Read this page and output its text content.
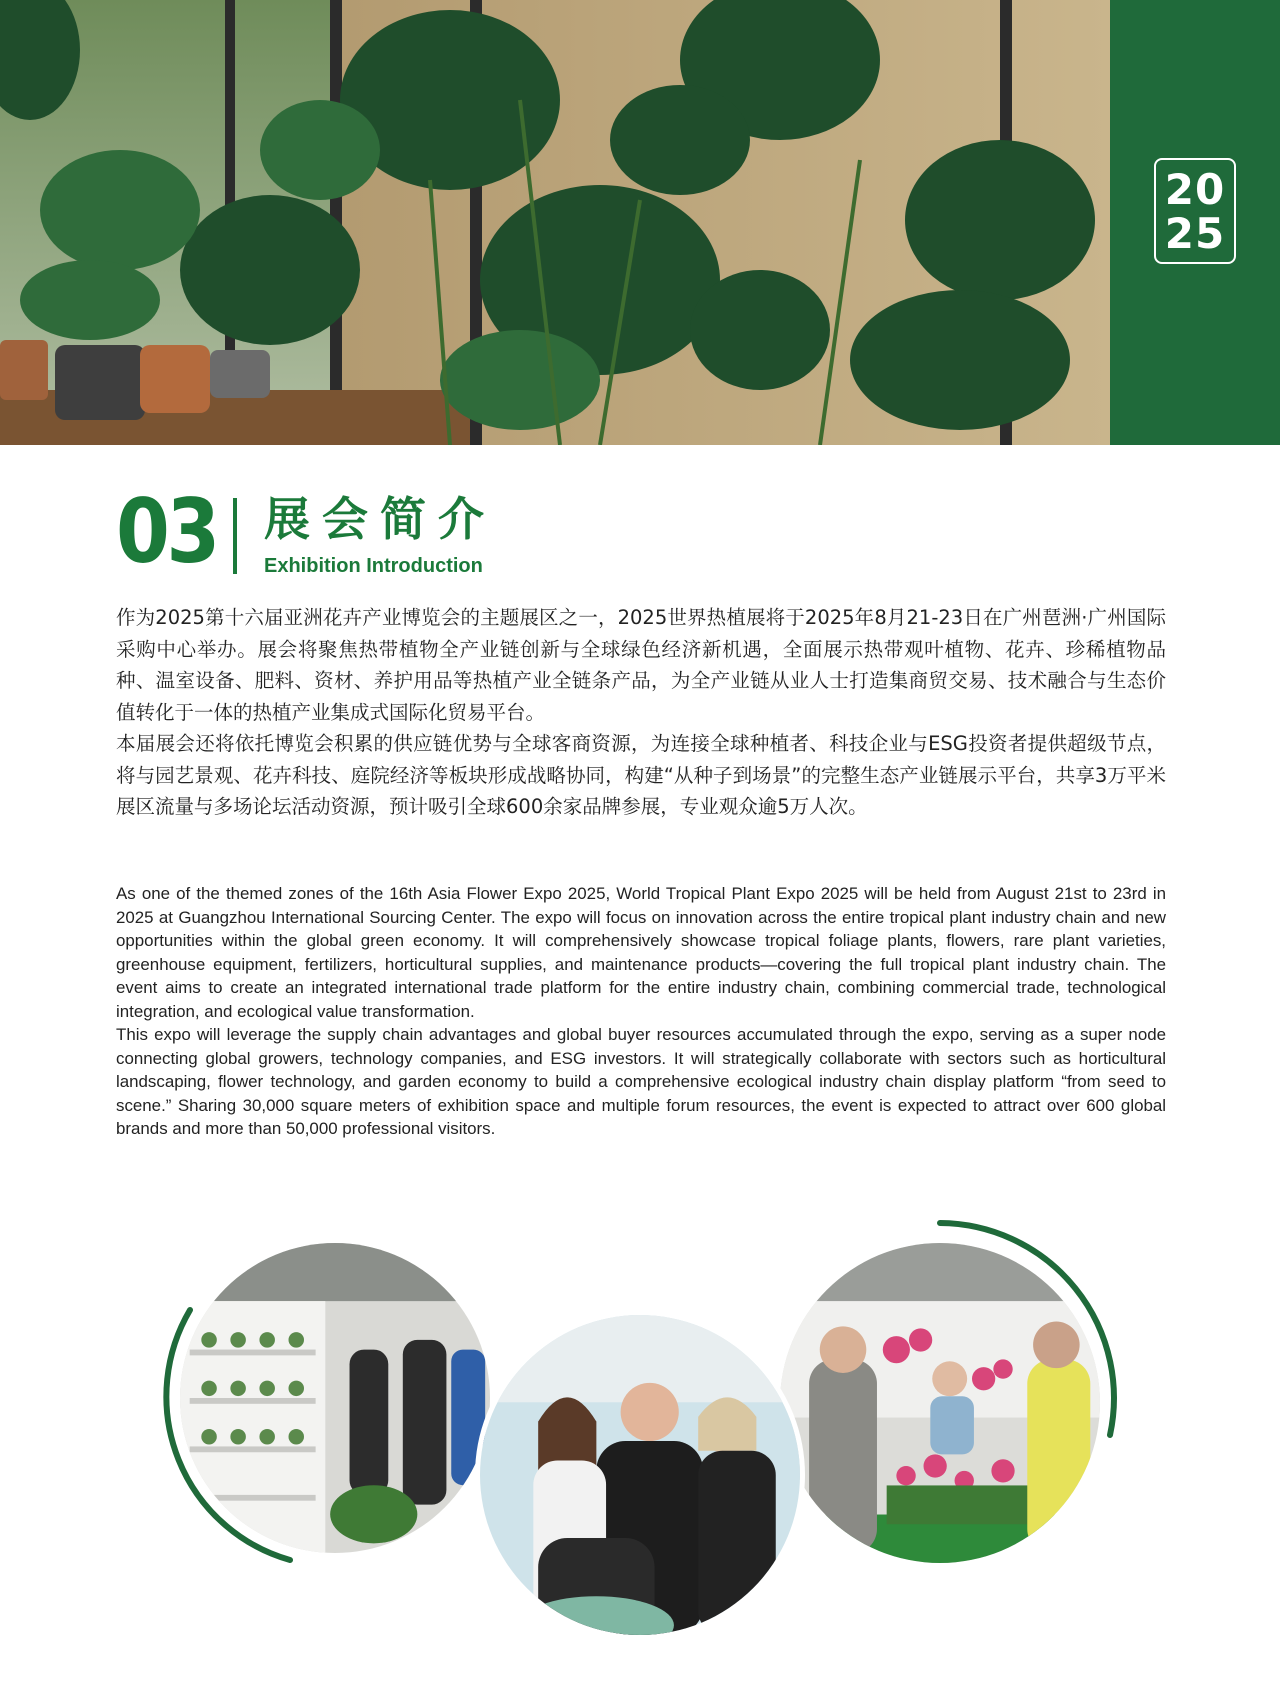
20
25
03 展会简介
Exhibition Introduction

作为2025第十六届亚洲花卉产业博览会的主题展区之一，2025世界热植展将于2025年8月21-23日在广州琶洲·广州国际采购中心举办。展会将聚焦热带植物全产业链创新与全球绿色经济新机遇，全面展示热带观叶植物、花卉、珍稀植物品种、温室设备、肥料、资材、养护用品等热植产业全链条产品，为全产业链从业人士打造集商贸交易、技术融合与生态价值转化于一体的热植产业集成式国际化贸易平台。

本届展会还将依托博览会积累的供应链优势与全球客商资源，为连接全球种植者、科技企业与ESG投资者提供超级节点，将与园艺景观、花卉科技、庭院经济等板块形成战略协同，构建“从种子到场景”的完整生态产业链展示平台，共享3万平米展区流量与多场论坛活动资源，预计吸引全球600余家品牌参展，专业观众逾5万人次。

As one of the themed zones of the 16th Asia Flower Expo 2025, World Tropical Plant Expo 2025 will be held from August 21st to 23rd in 2025 at Guangzhou International Sourcing Center. The expo will focus on innovation across the entire tropical plant industry chain and new opportunities within the global green economy. It will comprehensively showcase tropical foliage plants, flowers, rare plant varieties, greenhouse equipment, fertilizers, horticultural supplies, and maintenance products—covering the full tropical plant industry chain. The event aims to create an integrated international trade platform for the entire industry chain, combining commercial trade, technological integration, and ecological value transformation.

This expo will leverage the supply chain advantages and global buyer resources accumulated through the expo, serving as a super node connecting global growers, technology companies, and ESG investors. It will strategically collaborate with sectors such as horticultural landscaping, flower technology, and garden economy to build a comprehensive ecological industry chain display platform “from seed to scene.” Sharing 30,000 square meters of exhibition space and multiple forum resources, the event is expected to attract over 600 global brands and more than 50,000 professional visitors.
